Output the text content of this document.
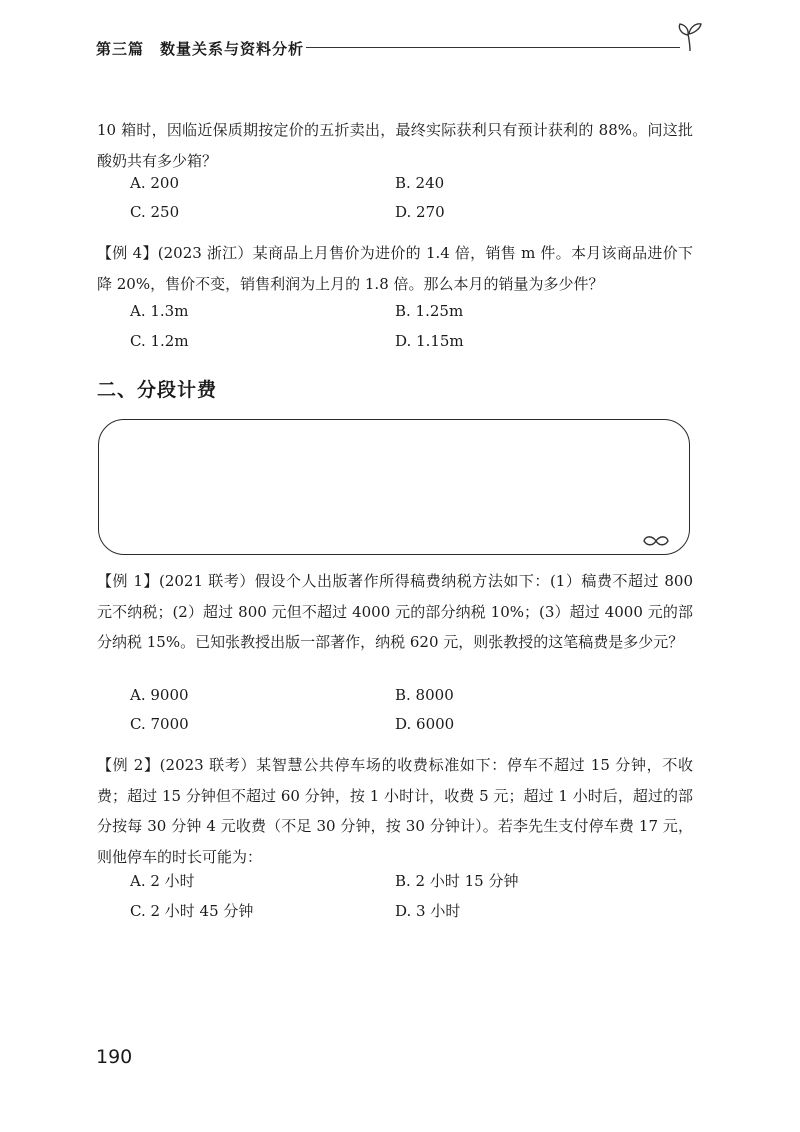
第三篇　数量关系与资料分析
10 箱时，因临近保质期按定价的五折卖出，最终实际获利只有预计获利的 88%。问这批酸奶共有多少箱？
A. 200	B. 240
C. 250	D. 270
【例 4】(2023 浙江）某商品上月售价为进价的 1.4 倍，销售 m 件。本月该商品进价下降 20%，售价不变，销售利润为上月的 1.8 倍。那么本月的销量为多少件？
A. 1.3m	B. 1.25m
C. 1.2m	D. 1.15m
二、分段计费
【例 1】(2021 联考）假设个人出版著作所得稿费纳税方法如下：(1）稿费不超过 800 元不纳税；(2）超过 800 元但不超过 4000 元的部分纳税 10%；(3）超过 4000 元的部分纳税 15%。已知张教授出版一部著作，纳税 620 元，则张教授的这笔稿费是多少元？
A. 9000	B. 8000
C. 7000	D. 6000
【例 2】(2023 联考）某智慧公共停车场的收费标准如下：停车不超过 15 分钟，不收费；超过 15 分钟但不超过 60 分钟，按 1 小时计，收费 5 元；超过 1 小时后，超过的部分按每 30 分钟 4 元收费（不足 30 分钟，按 30 分钟计）。若李先生支付停车费 17 元，则他停车的时长可能为：
A. 2 小时	B. 2 小时 15 分钟
C. 2 小时 45 分钟	D. 3 小时
190
